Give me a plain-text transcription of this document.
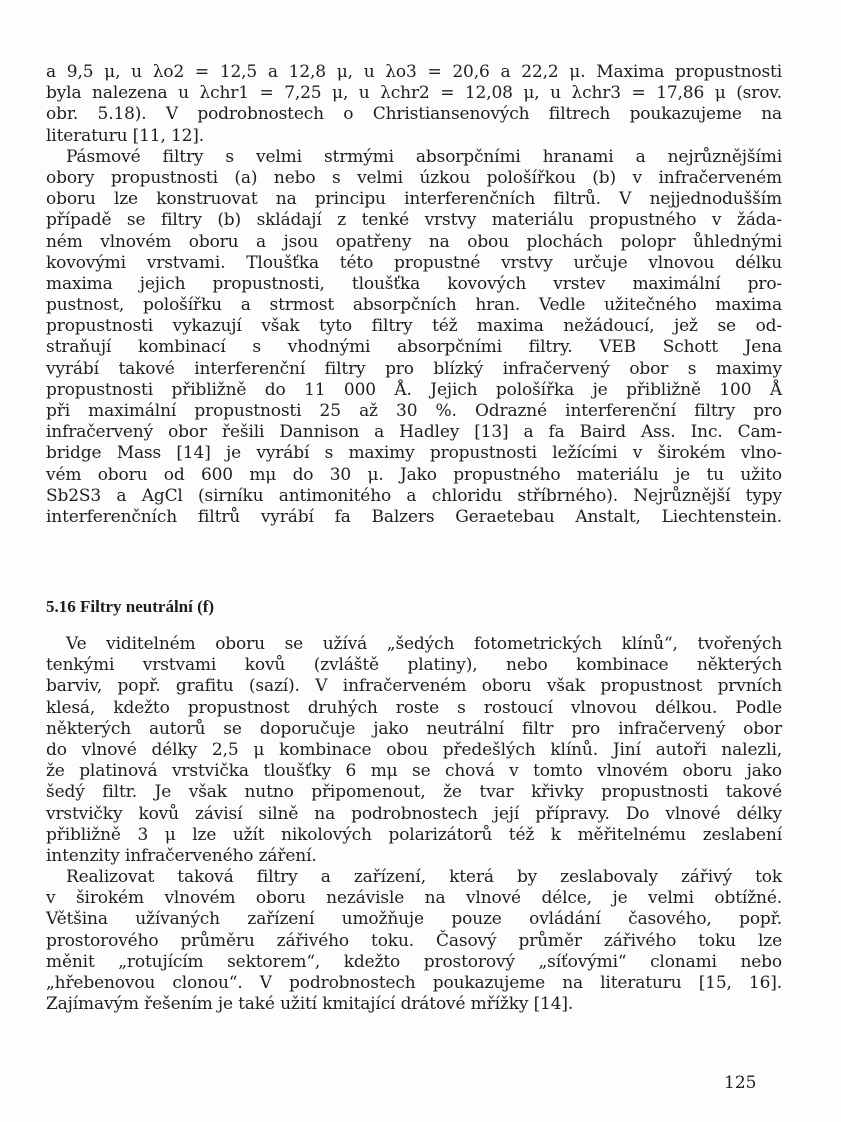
a 9,5 μ, u λo2 = 12,5 a 12,8 μ, u λo3 = 20,6 a 22,2 μ. Maxima propustnosti
byla nalezena u λchr1 = 7,25 μ, u λchr2 = 12,08 μ, u λchr3 = 17,86 μ (srov.
obr. 5.18). V podrobnostech o Christiansenových filtrech poukazujeme na
literaturu [11, 12].
Pásmové filtry s velmi strmými absorpčními hranami a nejrůznějšími
obory propustnosti (a) nebo s velmi úzkou pološířkou (b) v infračerveném
oboru lze konstruovat na principu interferenčních filtrů. V nejjednodušším
případě se filtry (b) skládají z tenké vrstvy materiálu propustného v žáda-
ném vlnovém oboru a jsou opatřeny na obou plochách polopr ůhlednými
kovovými vrstvami. Tloušťka této propustné vrstvy určuje vlnovou délku
maxima jejich propustnosti, tloušťka kovových vrstev maximální pro-
pustnost, pološířku a strmost absorpčních hran. Vedle užitečného maxima
propustnosti vykazují však tyto filtry též maxima nežádoucí, jež se od-
straňují kombinací s vhodnými absorpčními filtry. VEB Schott Jena
vyrábí takové interferenční filtry pro blízký infračervený obor s maximy
propustnosti přibližně do 11 000 Å. Jejich pološířka je přibližně 100 Å
při maximální propustnosti 25 až 30 %. Odrazné interferenční filtry pro
infračervený obor řešili Dannison a Hadley [13] a fa Baird Ass. Inc. Cam-
bridge Mass [14] je vyrábí s maximy propustnosti ležícími v širokém vlno-
vém oboru od 600 mμ do 30 μ. Jako propustného materiálu je tu užito
Sb2S3 a AgCl (sirníku antimonitého a chloridu stříbrného). Nejrůznější typy
interferenčních filtrů vyrábí fa Balzers Geraetebau Anstalt, Liechtenstein.
5.16 Filtry neutrální (f)
Ve viditelném oboru se užívá „šedých fotometrických klínů“, tvořených
tenkými vrstvami kovů (zvláště platiny), nebo kombinace některých
barviv, popř. grafitu (sazí). V infračerveném oboru však propustnost prvních
klesá, kdežto propustnost druhých roste s rostoucí vlnovou délkou. Podle
některých autorů se doporučuje jako neutrální filtr pro infračervený obor
do vlnové délky 2,5 μ kombinace obou předešlých klínů. Jiní autoři nalezli,
že platinová vrstvička tloušťky 6 mμ se chová v tomto vlnovém oboru jako
šedý filtr. Je však nutno připomenout, že tvar křivky propustnosti takové
vrstvičky kovů závisí silně na podrobnostech její přípravy. Do vlnové délky
přibližně 3 μ lze užít nikolových polarizátorů též k měřitelnému zeslabení
intenzity infračerveného záření.
Realizovat taková filtry a zařízení, která by zeslabovaly zářivý tok
v širokém vlnovém oboru nezávisle na vlnové délce, je velmi obtížné.
Většina užívaných zařízení umožňuje pouze ovládání časového, popř.
prostorového průměru zářivého toku. Časový průměr zářivého toku lze
měnit „rotujícím sektorem“, kdežto prostorový „síťovými“ clonami nebo
„hřebenovou clonou“. V podrobnostech poukazujeme na literaturu [15, 16].
Zajímavým řešením je také užití kmitající drátové mřížky [14].
125
